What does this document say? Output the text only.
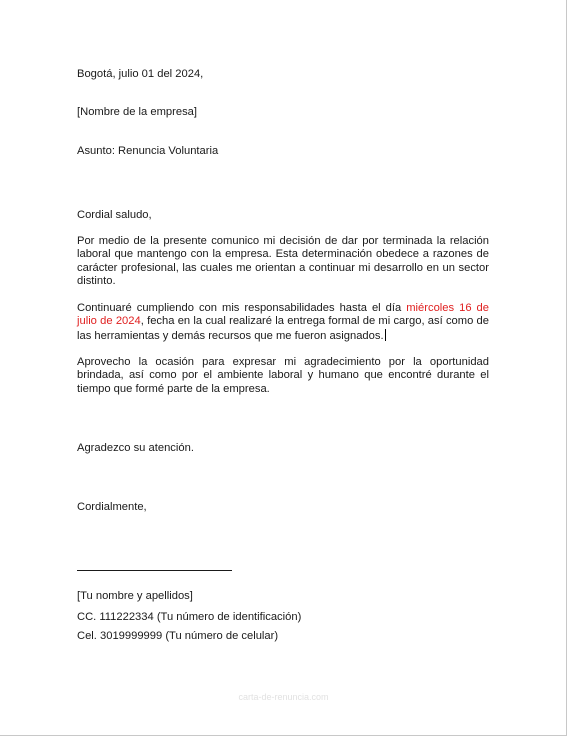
Bogotá, julio 01 del 2024,
[Nombre de la empresa]
Asunto: Renuncia Voluntaria
Cordial saludo,
Por medio de la presente comunico mi decisión de dar por terminada la relación laboral que mantengo con la empresa. Esta determinación obedece a razones de carácter profesional, las cuales me orientan a continuar mi desarrollo en un sector distinto.
Continuaré cumpliendo con mis responsabilidades hasta el día miércoles 16 de julio de 2024, fecha en la cual realizaré la entrega formal de mi cargo, así como de las herramientas y demás recursos que me fueron asignados.
Aprovecho la ocasión para expresar mi agradecimiento por la oportunidad brindada, así como por el ambiente laboral y humano que encontré durante el tiempo que formé parte de la empresa.
Agradezco su atención.
Cordialmente,
[Tu nombre y apellidos]
CC. 111222334 (Tu número de identificación)
Cel. 3019999999 (Tu número de celular)
carta-de-renuncia.com
